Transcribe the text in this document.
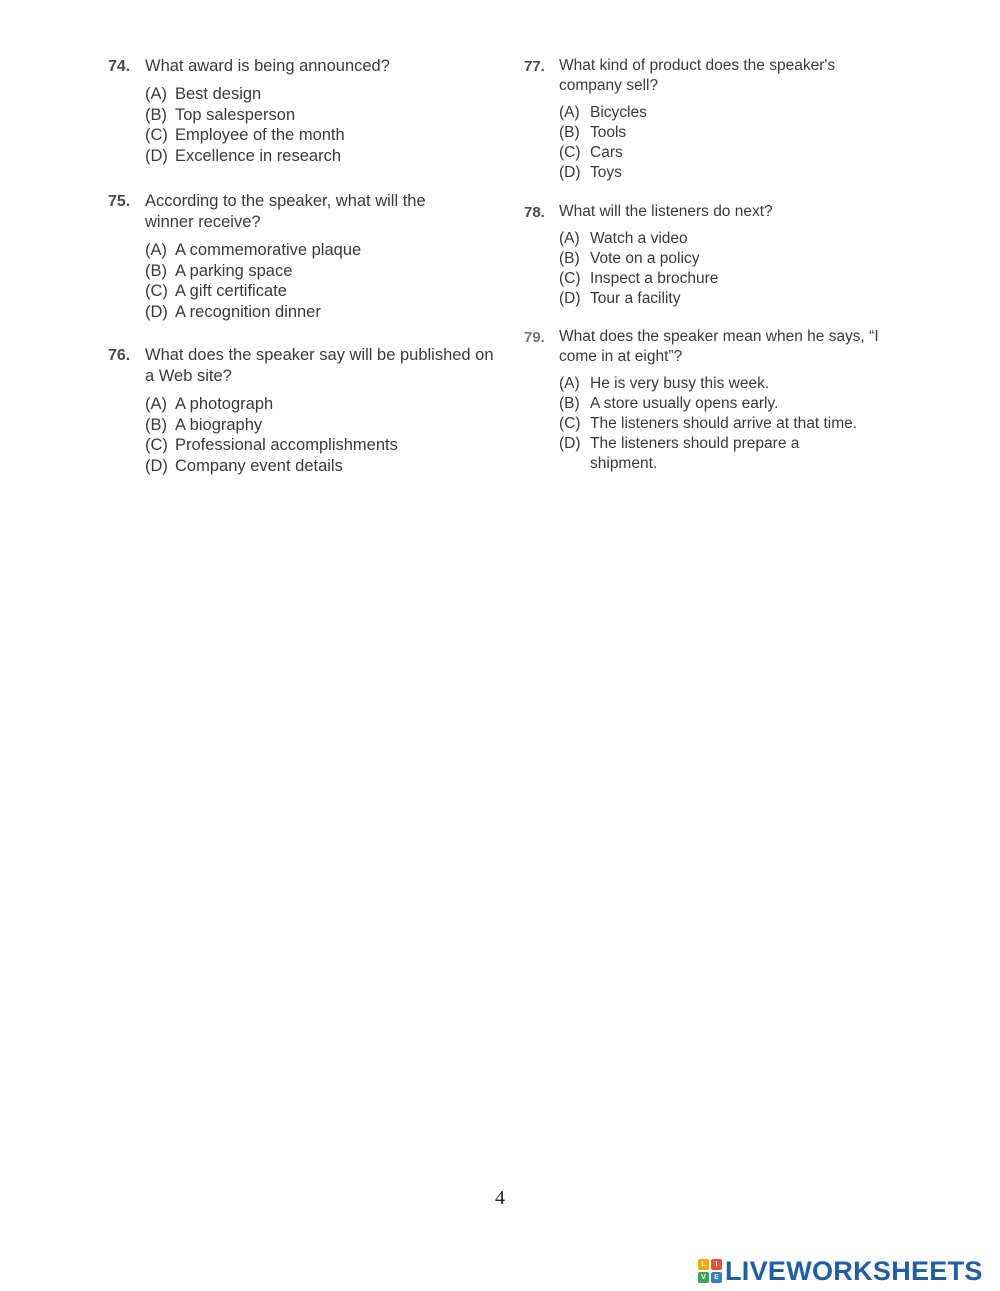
74. What award is being announced?
(A) Best design
(B) Top salesperson
(C) Employee of the month
(D) Excellence in research
75. According to the speaker, what will the winner receive?
(A) A commemorative plaque
(B) A parking space
(C) A gift certificate
(D) A recognition dinner
76. What does the speaker say will be published on a Web site?
(A) A photograph
(B) A biography
(C) Professional accomplishments
(D) Company event details
77. What kind of product does the speaker's company sell?
(A) Bicycles
(B) Tools
(C) Cars
(D) Toys
78. What will the listeners do next?
(A) Watch a video
(B) Vote on a policy
(C) Inspect a brochure
(D) Tour a facility
79. What does the speaker mean when he says, “I come in at eight”?
(A) He is very busy this week.
(B) A store usually opens early.
(C) The listeners should arrive at that time.
(D) The listeners should prepare a shipment.
4
L	I
V	E LIVEWORKSHEETS
